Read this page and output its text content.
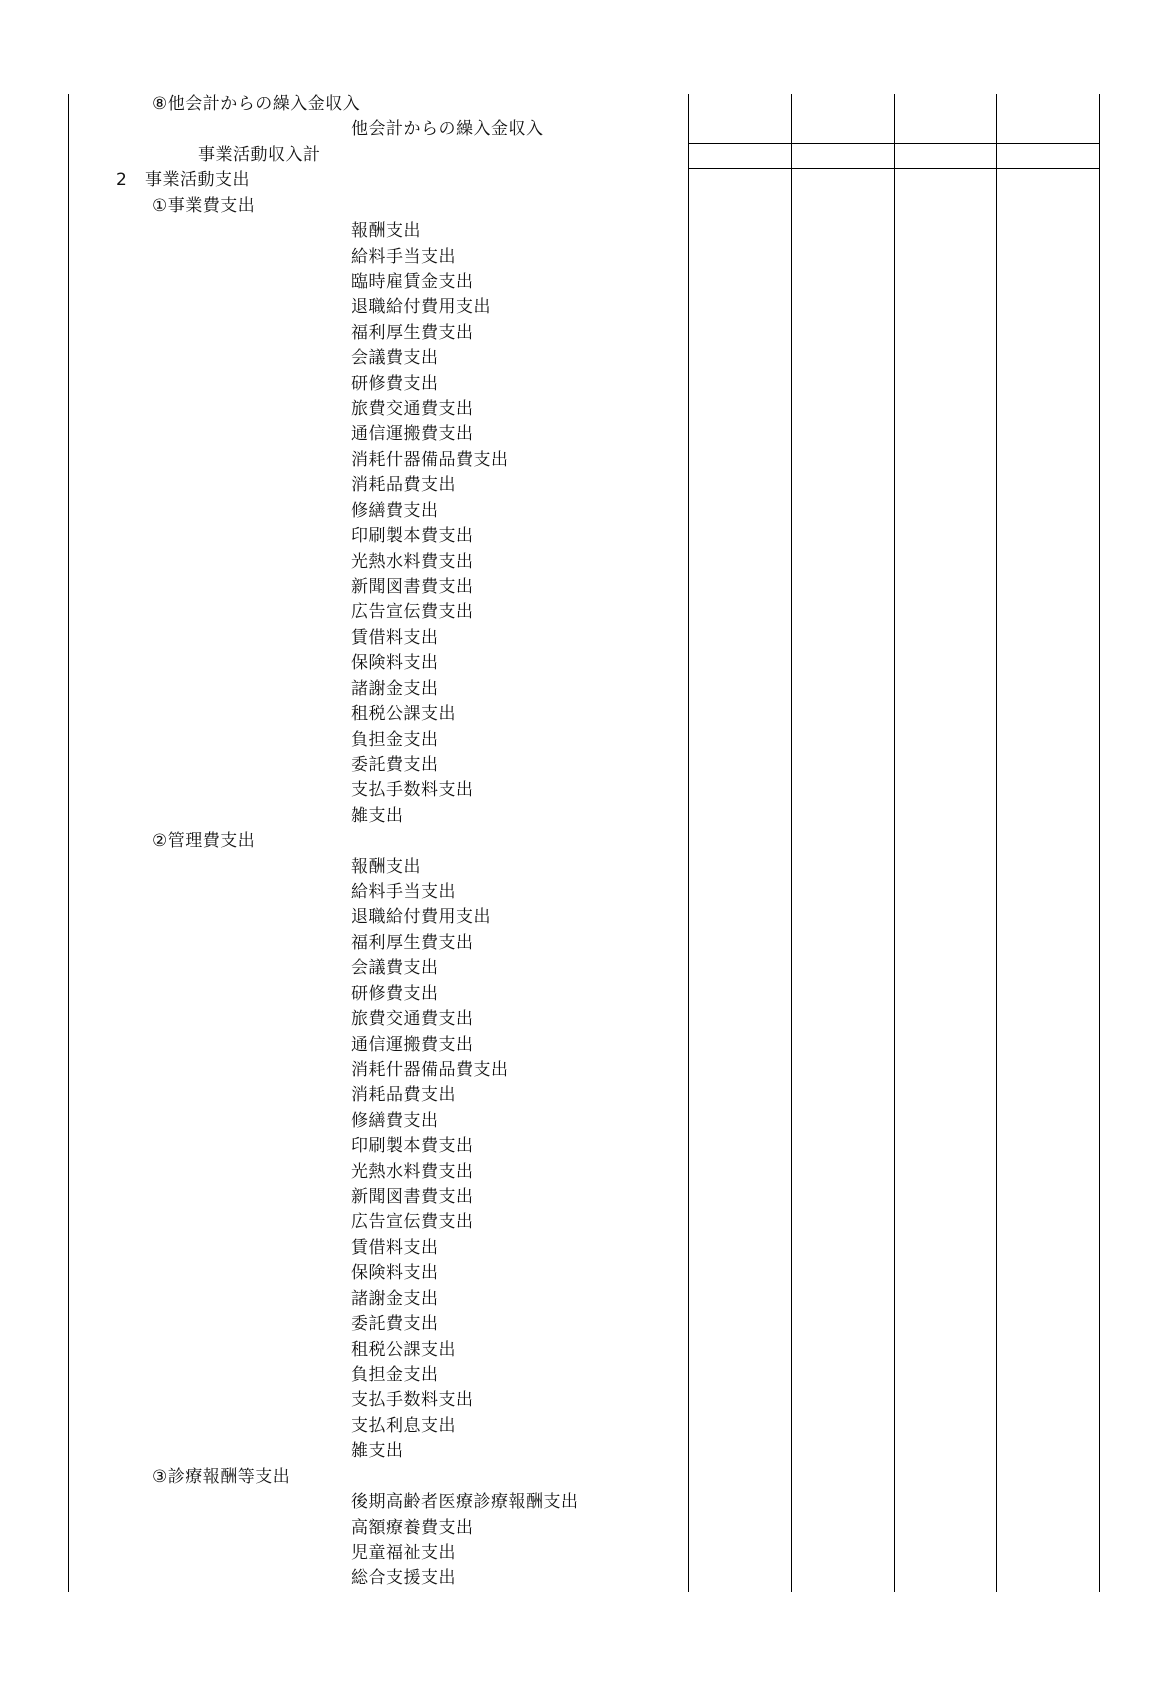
⑧他会計からの繰入金収入
他会計からの繰入金収入
事業活動収入計
2 事業活動支出
①事業費支出
報酬支出
給料手当支出
臨時雇賃金支出
退職給付費用支出
福利厚生費支出
会議費支出
研修費支出
旅費交通費支出
通信運搬費支出
消耗什器備品費支出
消耗品費支出
修繕費支出
印刷製本費支出
光熱水料費支出
新聞図書費支出
広告宣伝費支出
賃借料支出
保険料支出
諸謝金支出
租税公課支出
負担金支出
委託費支出
支払手数料支出
雑支出
②管理費支出
報酬支出
給料手当支出
退職給付費用支出
福利厚生費支出
会議費支出
研修費支出
旅費交通費支出
通信運搬費支出
消耗什器備品費支出
消耗品費支出
修繕費支出
印刷製本費支出
光熱水料費支出
新聞図書費支出
広告宣伝費支出
賃借料支出
保険料支出
諸謝金支出
委託費支出
租税公課支出
負担金支出
支払手数料支出
支払利息支出
雑支出
③診療報酬等支出
後期高齢者医療診療報酬支出
高額療養費支出
児童福祉支出
総合支援支出
